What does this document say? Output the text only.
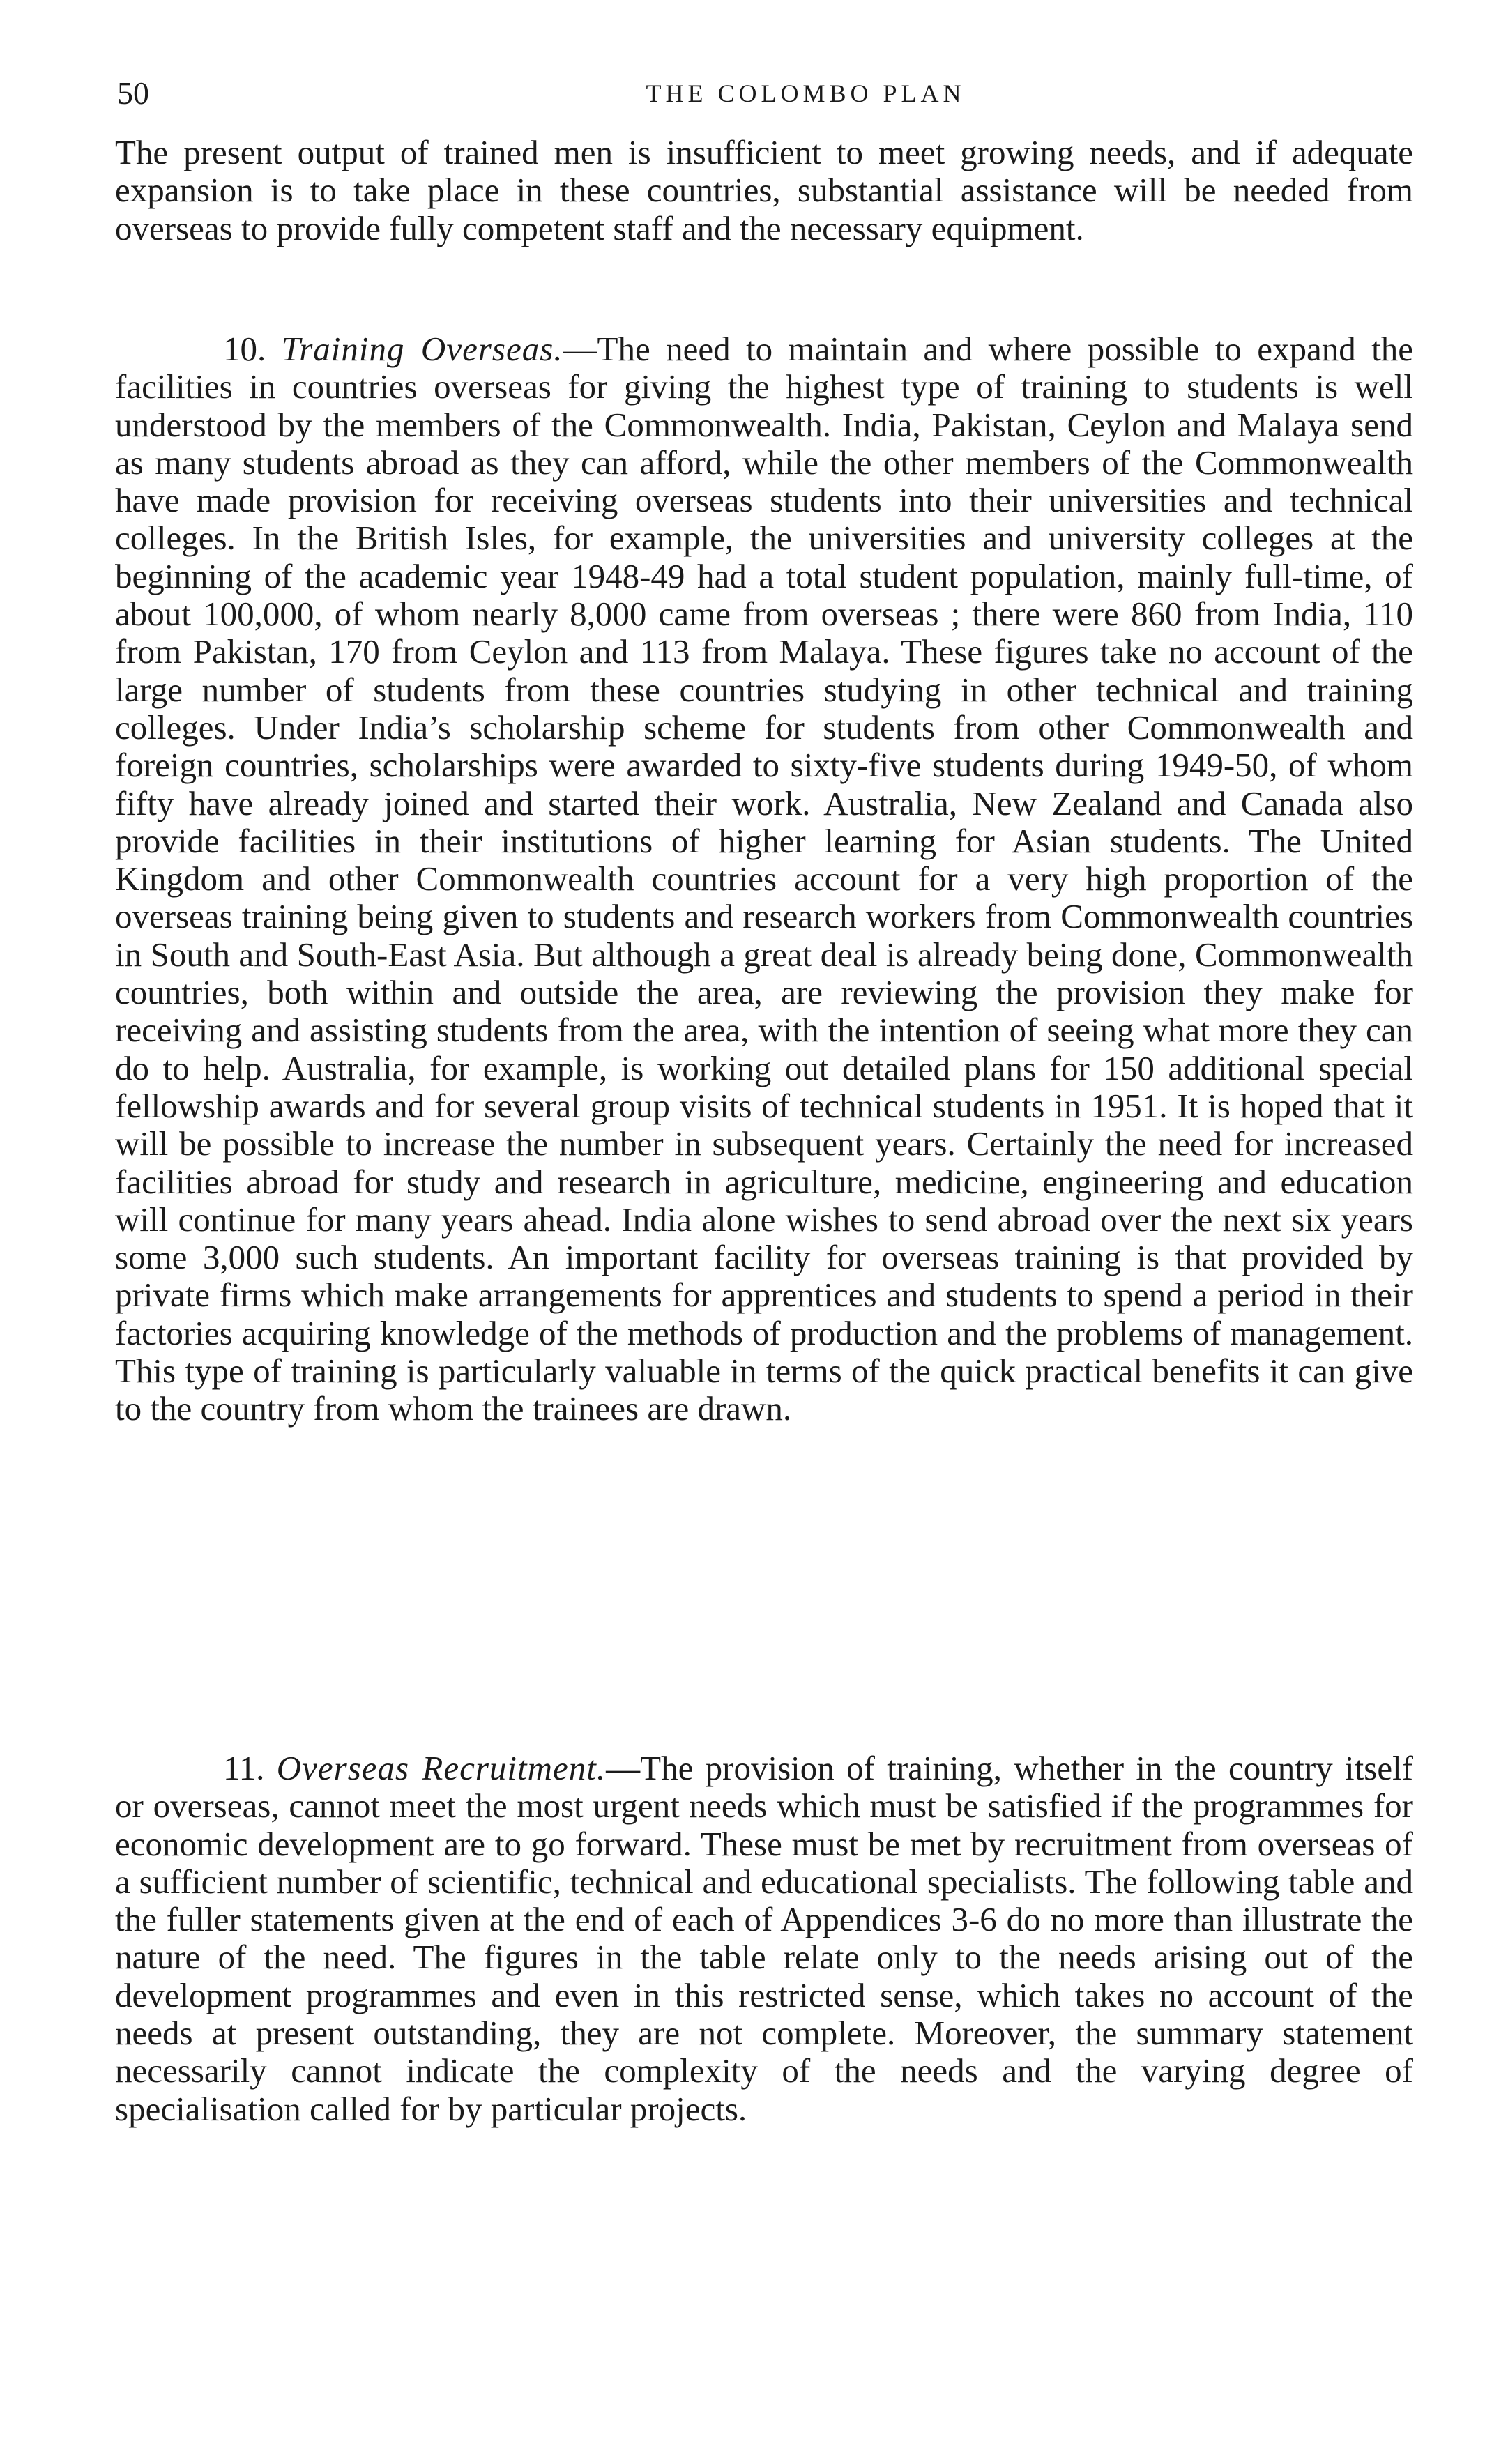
50	THE COLOMBO PLAN

The present output of trained men is insufficient to meet growing needs, and if adequate expansion is to take place in these countries, substantial assistance will be needed from overseas to provide fully competent staff and the necessary equipment.

10. Training Overseas.—The need to maintain and where possible to expand the facilities in countries overseas for giving the highest type of training to students is well understood by the members of the Commonwealth. India, Pakistan, Ceylon and Malaya send as many students abroad as they can afford, while the other members of the Commonwealth have made provision for receiving overseas students into their universities and technical colleges. In the British Isles, for example, the universities and university colleges at the beginning of the academic year 1948-49 had a total student population, mainly full-time, of about 100,000, of whom nearly 8,000 came from overseas ; there were 860 from India, 110 from Pakistan, 170 from Ceylon and 113 from Malaya. These figures take no account of the large number of students from these countries studying in other technical and training colleges. Under India’s scholarship scheme for students from other Commonwealth and foreign countries, scholarships were awarded to sixty-five students during 1949-50, of whom fifty have already joined and started their work. Australia, New Zealand and Canada also provide facilities in their institutions of higher learning for Asian students. The United Kingdom and other Commonwealth countries account for a very high proportion of the overseas training being given to students and research workers from Commonwealth countries in South and South-East Asia. But although a great deal is already being done, Commonwealth countries, both within and outside the area, are reviewing the provision they make for receiving and assisting students from the area, with the intention of seeing what more they can do to help. Australia, for example, is working out detailed plans for 150 additional special fellowship awards and for several group visits of technical students in 1951. It is hoped that it will be possible to increase the number in subsequent years. Certainly the need for increased facilities abroad for study and research in agriculture, medicine, engineering and education will continue for many years ahead. India alone wishes to send abroad over the next six years some 3,000 such students. An important facility for overseas training is that provided by private firms which make arrangements for apprentices and students to spend a period in their factories acquiring knowledge of the methods of production and the problems of management. This type of training is particularly valuable in terms of the quick practical benefits it can give to the country from whom the trainees are drawn.

11. Overseas Recruitment.—The provision of training, whether in the country itself or overseas, cannot meet the most urgent needs which must be satisfied if the programmes for economic development are to go forward. These must be met by recruitment from overseas of a sufficient number of scientific, technical and educational specialists. The following table and the fuller statements given at the end of each of Appendices 3-6 do no more than illustrate the nature of the need. The figures in the table relate only to the needs arising out of the development programmes and even in this restricted sense, which takes no account of the needs at present outstanding, they are not complete. Moreover, the summary statement necessarily cannot indicate the complexity of the needs and the varying degree of specialisation called for by particular projects.
